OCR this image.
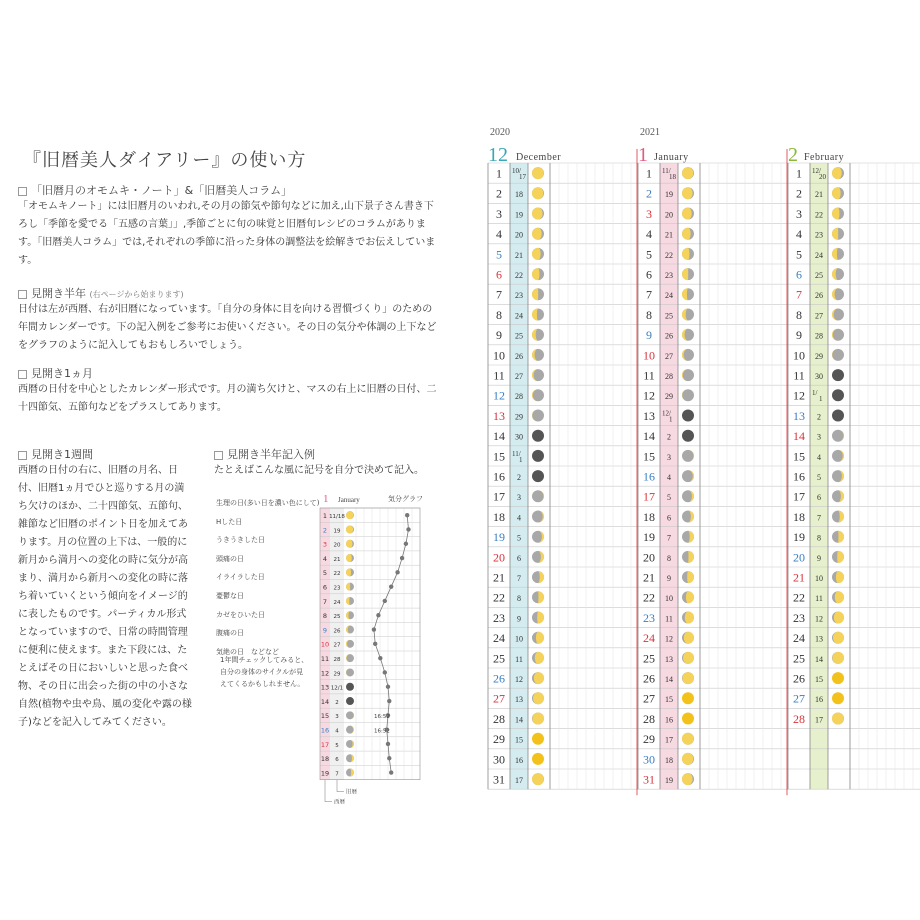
『旧暦美人ダイアリー』の使い方
「旧暦月のオモムキ・ノート」&「旧暦美人コラム」
「オモムキノート」には旧暦月のいわれ,その月の節気や節句などに加え,山下景子さん書き下ろし「季節を愛でる「五感の言葉」」,季節ごとに旬の味覚と旧暦旬レシピのコラムがあります。「旧暦美人コラム」では,それぞれの季節に沿った身体の調整法を絵解きでお伝えしています。
見開き半年 (右ページから始まります)
日付は左が西暦、右が旧暦になっています。「自分の身体に目を向ける習慣づくり」のための年間カレンダーです。下の記入例をご参考にお使いください。その日の気分や体調の上下などをグラフのように記入してもおもしろいでしょう。
見開き1ヵ月
西暦の日付を中心としたカレンダー形式です。月の満ち欠けと、マスの右上に旧暦の日付、二十四節気、五節句などをプラスしてあります。
見開き1週間
西暦の日付の右に、旧暦の月名、日付、旧暦1ヵ月でひと巡りする月の満ち欠けのほか、二十四節気、五節句、雑節など旧暦のポイント日を加えてあります。月の位置の上下は、一般的に新月から満月への変化の時に気分が高まり、満月から新月への変化の時に落ち着いていくという傾向をイメージ的に表したものです。パーティカル形式となっていますので、日常の時間管理に便利に使えます。また下段には、たとえばその日においしいと思った食べ物、その日に出会った街の中の小さな自然(植物や虫や鳥、風の変化や露の様子)などを記入してみてください。
見開き半年記入例
たとえばこんな風に記号を自分で決めて記入。
生理の日(多い日を濃い色にして)
Hした日
うきうきした日
頭痛の日
イライラした日
憂鬱な日
カゼをひいた日
腹痛の日
気絶の日　などなど
1年間チェックしてみると、自分の身体のサイクルが見えてくるかもしれません。
1 January	気分グラフ
1 11/18
2 19
3 20
4 21
5 22
6 23
7 24
8 25
9 26
10 27
11 28
12 29
13 12/1
14 2
15 3
16 4
17 5
18 6
19 7
16:52
16:52
旧暦
西暦
2020
12 December
1 10/
17
2 18
3 19
4 20
5 21
6 22
7 23
8 24
9 25
10 26
11 27
12 28
13 29
14 30
15 11/
1
16 2
17 3
18 4
19 5
20 6
21 7
22 8
23 9
24 10
25 11
26 12
27 13
28 14
29 15
30 16
31 17
2021
1 January
1 11/
18
2 19
3 20
4 21
5 22
6 23
7 24
8 25
9 26
10 27
11 28
12 29
13 12/
1
14 2
15 3
16 4
17 5
18 6
19 7
20 8
21 9
22 10
23 11
24 12
25 13
26 14
27 15
28 16
29 17
30 18
31 19
2 February
1 12/
20
2 21
3 22
4 23
5 24
6 25
7 26
8 27
9 28
10 29
11 30
12 1/
1
13 2
14 3
15 4
16 5
17 6
18 7
19 8
20 9
21 10
22 11
23 12
24 13
25 14
26 15
27 16
28 17
